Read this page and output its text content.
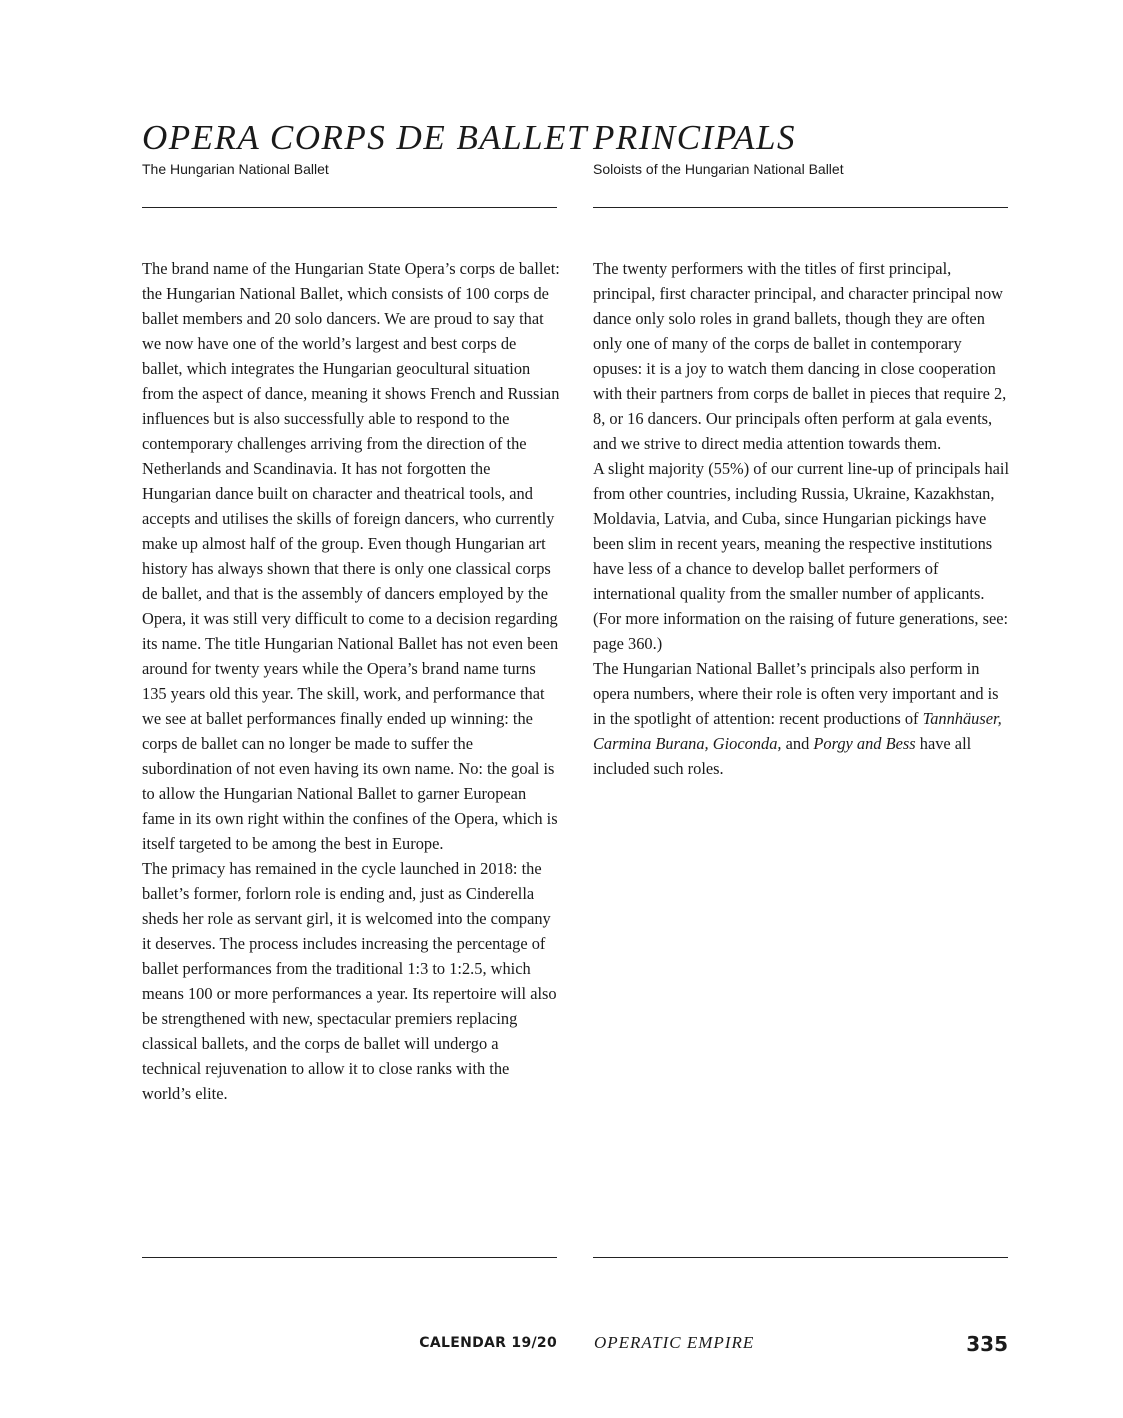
OPERA CORPS DE BALLET
The Hungarian National Ballet
PRINCIPALS
Soloists of the Hungarian National Ballet

The brand name of the Hungarian State Opera’s corps de ballet: the Hungarian National Ballet, which consists of 100 corps de ballet members and 20 solo dancers. We are proud to say that we now have one of the world’s largest and best corps de ballet, which integrates the Hungarian geocultural situation from the aspect of dance, meaning it shows French and Russian influences but is also successfully able to respond to the contemporary challenges arriving from the direction of the Netherlands and Scandinavia. It has not forgotten the Hungarian dance built on character and theatrical tools, and accepts and utilises the skills of foreign dancers, who currently make up almost half of the group. Even though Hungarian art history has always shown that there is only one classical corps de ballet, and that is the assembly of dancers employed by the Opera, it was still very difficult to come to a decision regarding its name. The title Hungarian National Ballet has not even been around for twenty years while the Opera’s brand name turns 135 years old this year. The skill, work, and performance that we see at ballet performances finally ended up winning: the corps de ballet can no longer be made to suffer the subordination of not even having its own name. No: the goal is to allow the Hungarian National Ballet to garner European fame in its own right within the confines of the Opera, which is itself targeted to be among the best in Europe.

The primacy has remained in the cycle launched in 2018: the ballet’s former, forlorn role is ending and, just as Cinderella sheds her role as servant girl, it is welcomed into the company it deserves. The process includes increasing the percentage of ballet performances from the traditional 1:3 to 1:2.5, which means 100 or more performances a year. Its repertoire will also be strengthened with new, spectacular premiers replacing classical ballets, and the corps de ballet will undergo a technical rejuvenation to allow it to close ranks with the world’s elite.

The twenty performers with the titles of first principal, principal, first character principal, and character principal now dance only solo roles in grand ballets, though they are often only one of many of the corps de ballet in contemporary opuses: it is a joy to watch them dancing in close cooperation with their partners from corps de ballet in pieces that require 2, 8, or 16 dancers. Our principals often perform at gala events, and we strive to direct media attention towards them.

A slight majority (55%) of our current line-up of principals hail from other countries, including Russia, Ukraine, Kazakhstan, Moldavia, Latvia, and Cuba, since Hungarian pickings have been slim in recent years, meaning the respective institutions have less of a chance to develop ballet performers of international quality from the smaller number of applicants. (For more information on the raising of future generations, see: page 360.)

The Hungarian National Ballet’s principals also perform in opera numbers, where their role is often very important and is in the spotlight of attention: recent productions of Tannhäuser, Carmina Burana, Gioconda, and Porgy and Bess have all included such roles.

CALENDAR 19/20 OPERATIC EMPIRE	335
